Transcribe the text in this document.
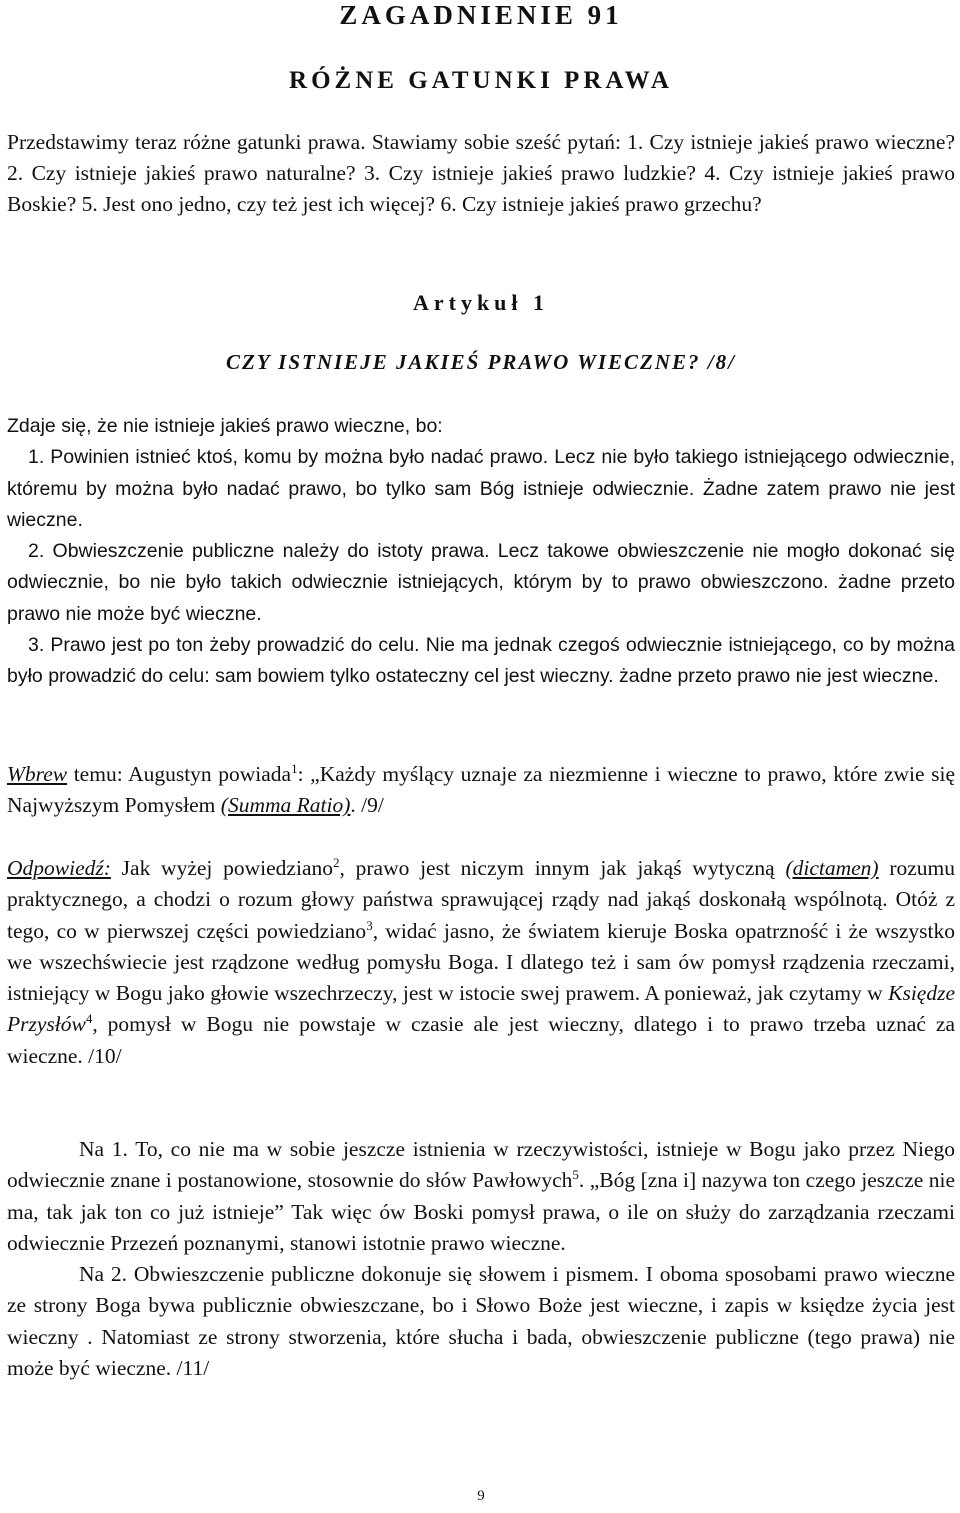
ZAGADNIENIE 91
RÓŻNE GATUNKI PRAWA

Przedstawimy teraz różne gatunki prawa. Stawiamy sobie sześć pytań: 1. Czy istnieje jakieś prawo wieczne? 2. Czy istnieje jakieś prawo naturalne? 3. Czy istnieje jakieś prawo ludzkie? 4. Czy istnieje jakieś prawo Boskie? 5. Jest ono jedno, czy też jest ich więcej? 6. Czy istnieje jakieś prawo grzechu?

Artykuł 1
CZY ISTNIEJE JAKIEŚ PRAWO WIECZNE? /8/

Zdaje się, że nie istnieje jakieś prawo wieczne, bo:

1. Powinien istnieć ktoś, komu by można było nadać prawo. Lecz nie było takiego istniejącego odwiecznie, któremu by można było nadać prawo, bo tylko sam Bóg istnieje odwiecznie. Żadne zatem prawo nie jest wieczne.

2. Obwieszczenie publiczne należy do istoty prawa. Lecz takowe obwieszczenie nie mogło dokonać się odwiecznie, bo nie było takich odwiecznie istniejących, którym by to prawo obwieszczono. żadne przeto prawo nie może być wieczne.

3. Prawo jest po ton żeby prowadzić do celu. Nie ma jednak czegoś odwiecznie istniejącego, co by można było prowadzić do celu: sam bowiem tylko ostateczny cel jest wieczny. żadne przeto prawo nie jest wieczne.

Wbrew temu: Augustyn powiada$^1$: „Każdy myślący uznaje za niezmienne i wieczne to prawo, które zwie się Najwyższym Pomysłem (Summa Ratio). /9/

Odpowiedź: Jak wyżej powiedziano$^2$, prawo jest niczym innym jak jakąś wytyczną (dictamen) rozumu praktycznego, a chodzi o rozum głowy państwa sprawującej rządy nad jakąś doskonałą wspólnotą. Otóż z tego, co w pierwszej części powiedziano$^3$, widać jasno, że światem kieruje Boska opatrzność i że wszystko we wszechświecie jest rządzone według pomysłu Boga. I dlatego też i sam ów pomysł rządzenia rzeczami, istniejący w Bogu jako głowie wszechrzeczy, jest w istocie swej prawem. A ponieważ, jak czytamy w Księdze Przysłów$^4$, pomysł w Bogu nie powstaje w czasie ale jest wieczny, dlatego i to prawo trzeba uznać za wieczne. /10/

Na 1. To, co nie ma w sobie jeszcze istnienia w rzeczywistości, istnieje w Bogu jako przez Niego odwiecznie znane i postanowione, stosownie do słów Pawłowych$^5$. „Bóg [zna i] nazywa ton czego jeszcze nie ma, tak jak ton co już istnieje” Tak więc ów Boski pomysł prawa, o ile on służy do zarządzania rzeczami odwiecznie Przezeń poznanymi, stanowi istotnie prawo wieczne.

Na 2. Obwieszczenie publiczne dokonuje się słowem i pismem. I oboma sposobami prawo wieczne ze strony Boga bywa publicznie obwieszczane, bo i Słowo Boże jest wieczne, i zapis w księdze życia jest wieczny . Natomiast ze strony stworzenia, które słucha i bada, obwieszczenie publiczne (tego prawa) nie może być wieczne. /11/

9
